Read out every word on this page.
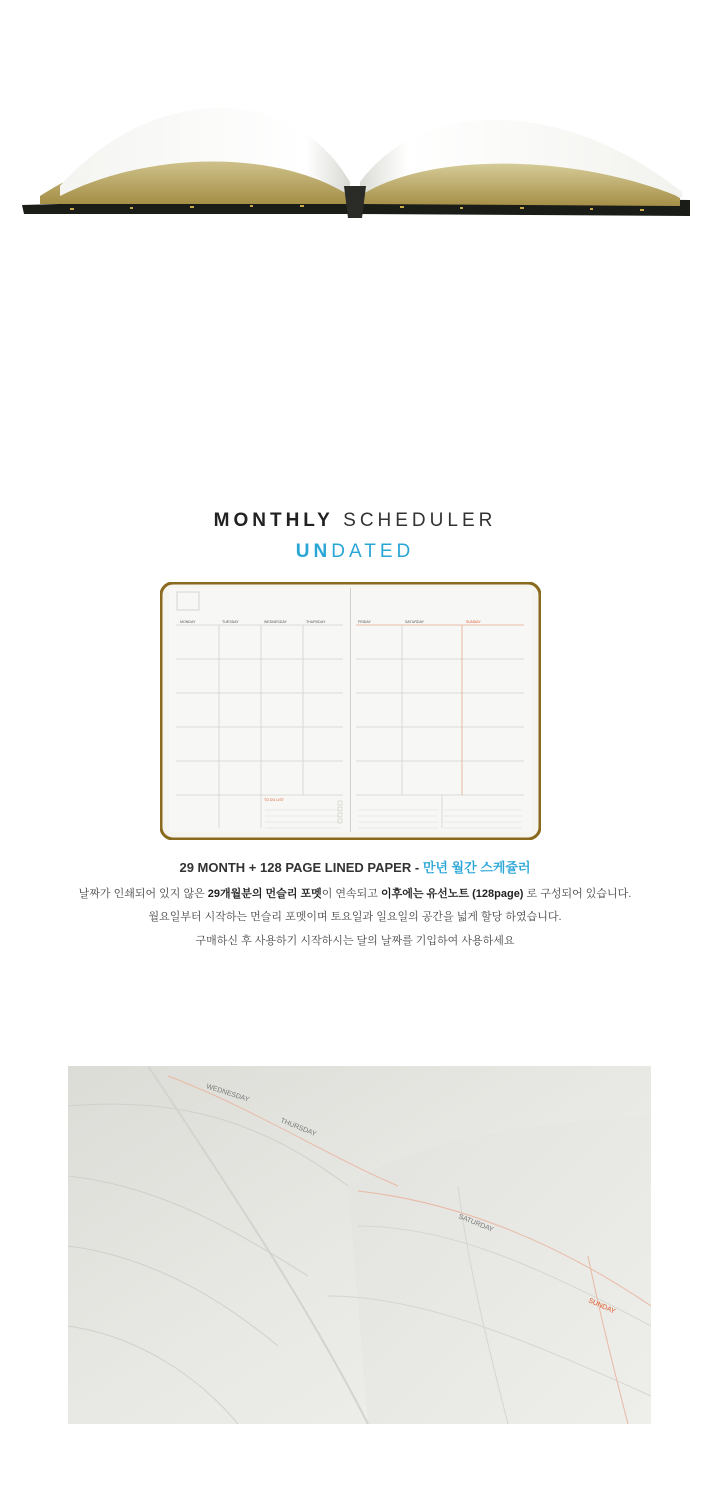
MONTHLY SCHEDULER
UNDATED
MONDAY	TUESDAY	WEDNESDAY	THURSDAY	FRIDAY	SATURDAY	SUNDAY
TO DO LIST
29 MONTH + 128 PAGE LINED PAPER - 만년 월간 스케쥴러
날짜가 인쇄되어 있지 않은 29개월분의 먼슬리 포멧이 연속되고 이후에는 유선노트 (128page) 로 구성되어 있습니다.
월요일부터 시작하는 먼슬리 포멧이며 토요일과 일요일의 공간을 넓게 할당 하였습니다.
구매하신 후 사용하기 시작하시는 달의 날짜를 기입하여 사용하세요
WEDNESDAY
THURSDAY
SATURDAY
SUNDAY
